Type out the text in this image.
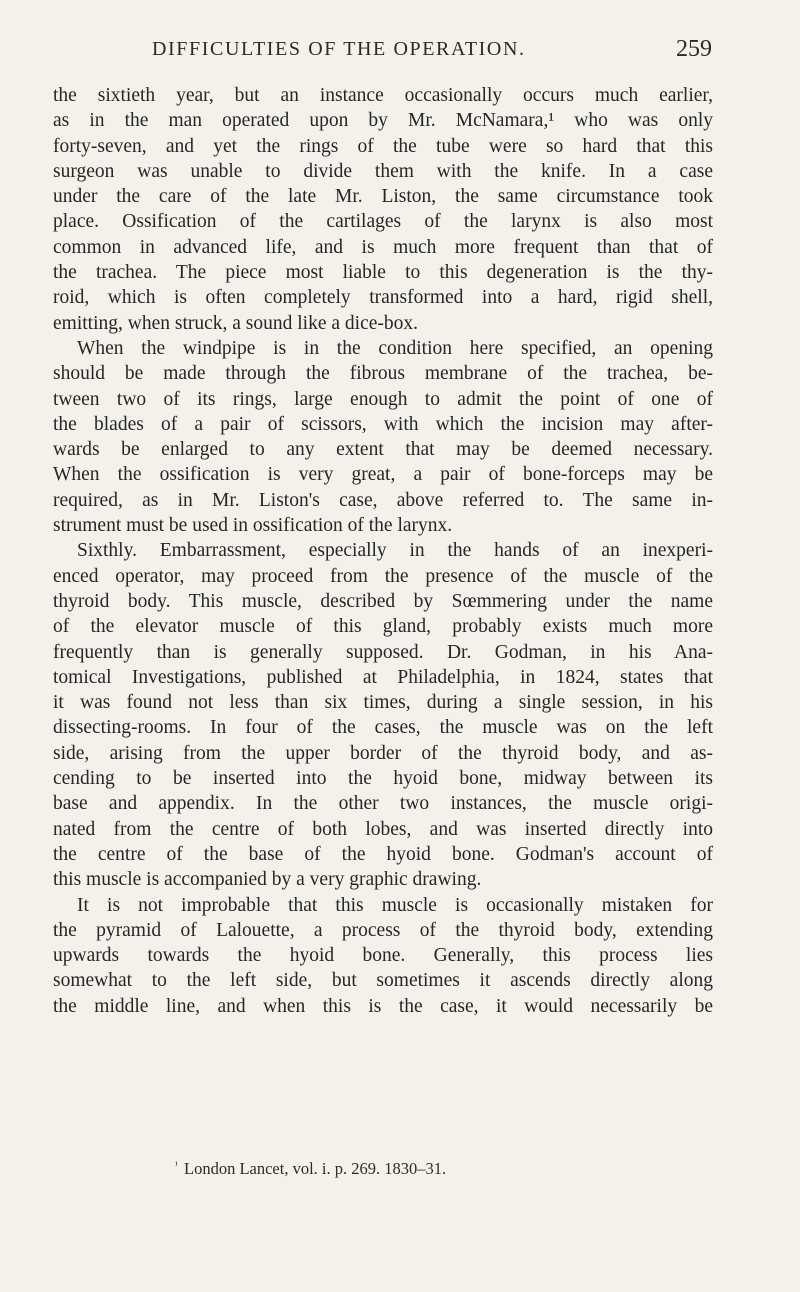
DIFFICULTIES OF THE OPERATION.	259
the sixtieth year, but an instance occasionally occurs much earlier,
as in the man operated upon by Mr. McNamara,¹ who was only
forty-seven, and yet the rings of the tube were so hard that this
surgeon was unable to divide them with the knife. In a case
under the care of the late Mr. Liston, the same circumstance took
place. Ossification of the cartilages of the larynx is also most
common in advanced life, and is much more frequent than that of
the trachea. The piece most liable to this degeneration is the thy-
roid, which is often completely transformed into a hard, rigid shell,
emitting, when struck, a sound like a dice-box.
When the windpipe is in the condition here specified, an opening
should be made through the fibrous membrane of the trachea, be-
tween two of its rings, large enough to admit the point of one of
the blades of a pair of scissors, with which the incision may after-
wards be enlarged to any extent that may be deemed necessary.
When the ossification is very great, a pair of bone-forceps may be
required, as in Mr. Liston's case, above referred to. The same in-
strument must be used in ossification of the larynx.
Sixthly. Embarrassment, especially in the hands of an inexperi-
enced operator, may proceed from the presence of the muscle of the
thyroid body. This muscle, described by Sœmmering under the name
of the elevator muscle of this gland, probably exists much more
frequently than is generally supposed. Dr. Godman, in his Ana-
tomical Investigations, published at Philadelphia, in 1824, states that
it was found not less than six times, during a single session, in his
dissecting-rooms. In four of the cases, the muscle was on the left
side, arising from the upper border of the thyroid body, and as-
cending to be inserted into the hyoid bone, midway between its
base and appendix. In the other two instances, the muscle origi-
nated from the centre of both lobes, and was inserted directly into
the centre of the base of the hyoid bone. Godman's account of
this muscle is accompanied by a very graphic drawing.
It is not improbable that this muscle is occasionally mistaken for
the pyramid of Lalouette, a process of the thyroid body, extending
upwards towards the hyoid bone. Generally, this process lies
somewhat to the left side, but sometimes it ascends directly along
the middle line, and when this is the case, it would necessarily be
$^{^1}$ London Lancet, vol. i. p. 269. 1830–31.
